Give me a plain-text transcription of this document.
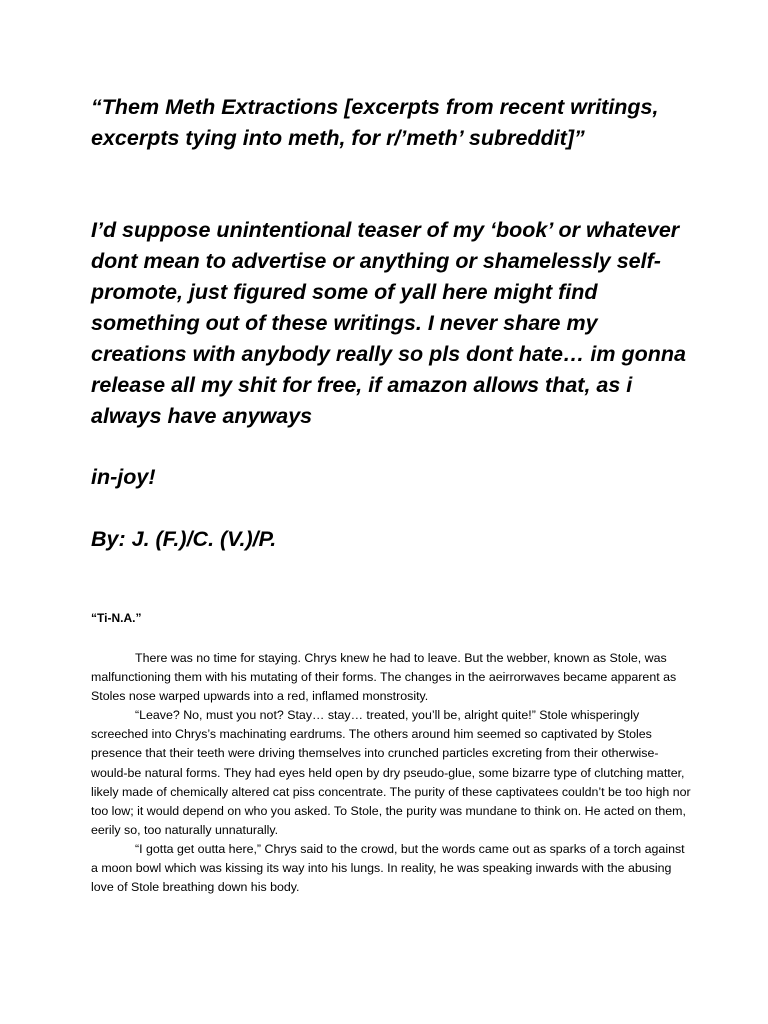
“Them Meth Extractions [excerpts from recent writings, excerpts tying into meth, for r/’meth’ subreddit]”

I’d suppose unintentional teaser of my ‘book’ or whatever dont mean to advertise or anything or shamelessly self-promote, just figured some of yall here might find something out of these writings. I never share my creations with anybody really so pls dont hate… im gonna release all my shit for free, if amazon allows that, as i always have anyways

in-joy!

By: J. (F.)/C. (V.)/P.

“Ti-N.A.”

There was no time for staying. Chrys knew he had to leave. But the webber, known as Stole, was malfunctioning them with his mutating of their forms. The changes in the aeirrorwaves became apparent as Stoles nose warped upwards into a red, inflamed monstrosity.

“Leave? No, must you not? Stay… stay… treated, you’ll be, alright quite!” Stole whisperingly screeched into Chrys’s machinating eardrums. The others around him seemed so captivated by Stoles presence that their teeth were driving themselves into crunched particles excreting from their otherwise-would-be natural forms. They had eyes held open by dry pseudo-glue, some bizarre type of clutching matter, likely made of chemically altered cat piss concentrate. The purity of these captivatees couldn’t be too high nor too low; it would depend on who you asked. To Stole, the purity was mundane to think on. He acted on them, eerily so, too naturally unnaturally.

“I gotta get outta here,” Chrys said to the crowd, but the words came out as sparks of a torch against a moon bowl which was kissing its way into his lungs. In reality, he was speaking inwards with the abusing love of Stole breathing down his body.
